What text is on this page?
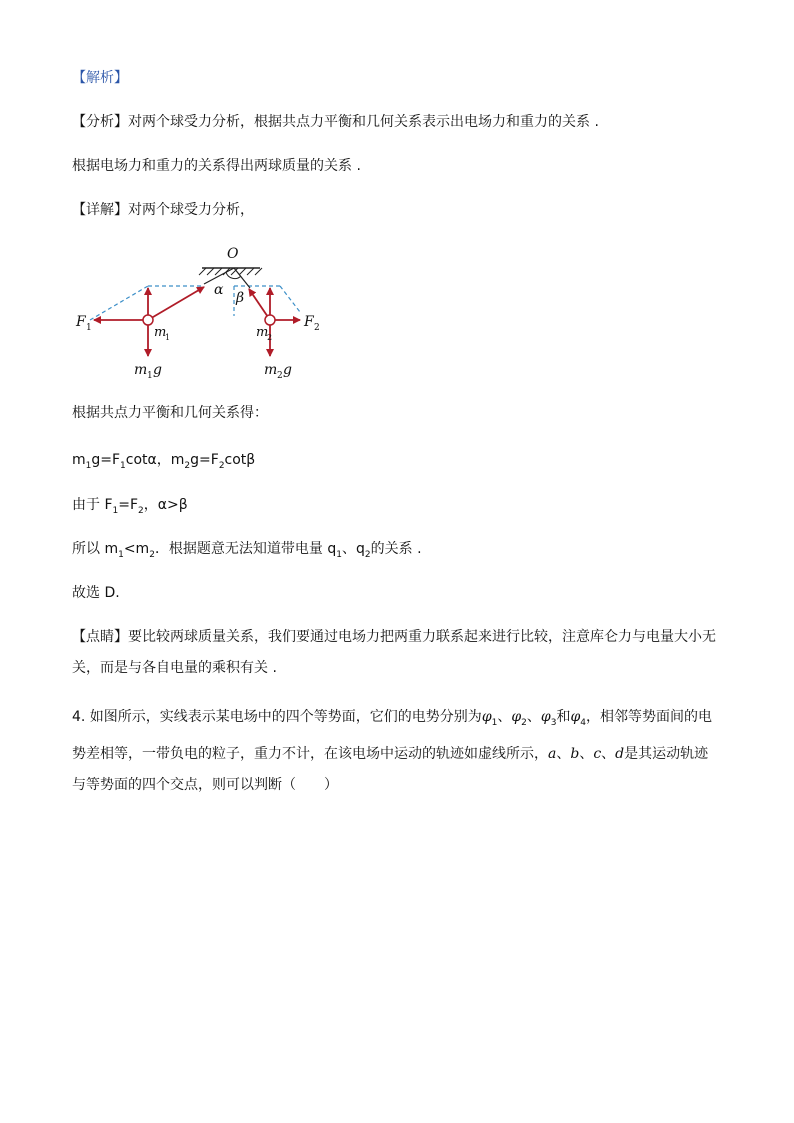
【解析】
【分析】对两个球受力分析，根据共点力平衡和几何关系表示出电场力和重力的关系 .
根据电场力和重力的关系得出两球质量的关系 .
【详解】对两个球受力分析，
O
α β
F 1	F 2
m
1	m
2
m 1 g	m 2 g
根据共点力平衡和几何关系得：
$m_1g=F_1\cot\alpha$，$m_2g=F_2\cot\beta$
由于 $F_1=F_2$，α>β
所以 $m_1<m_2$．根据题意无法知道带电量 $q_1$、$q_2$的关系 .
故选 D.
【点睛】要比较两球质量关系，我们要通过电场力把两重力联系起来进行比较，注意库仑力与电量大小无
关，而是与各自电量的乘积有关 .
4. 如图所示，实线表示某电场中的四个等势面，它们的电势分别为$\varphi_1$、$\varphi_2$、$\varphi_3$和$\varphi_4$，相邻等势面间的电势差相等，一带负电的粒子，重力不计，在该电场中运动的轨迹如虚线所示，a、b、c、d是其运动轨迹与等势面的四个交点，则可以判断（　　）
